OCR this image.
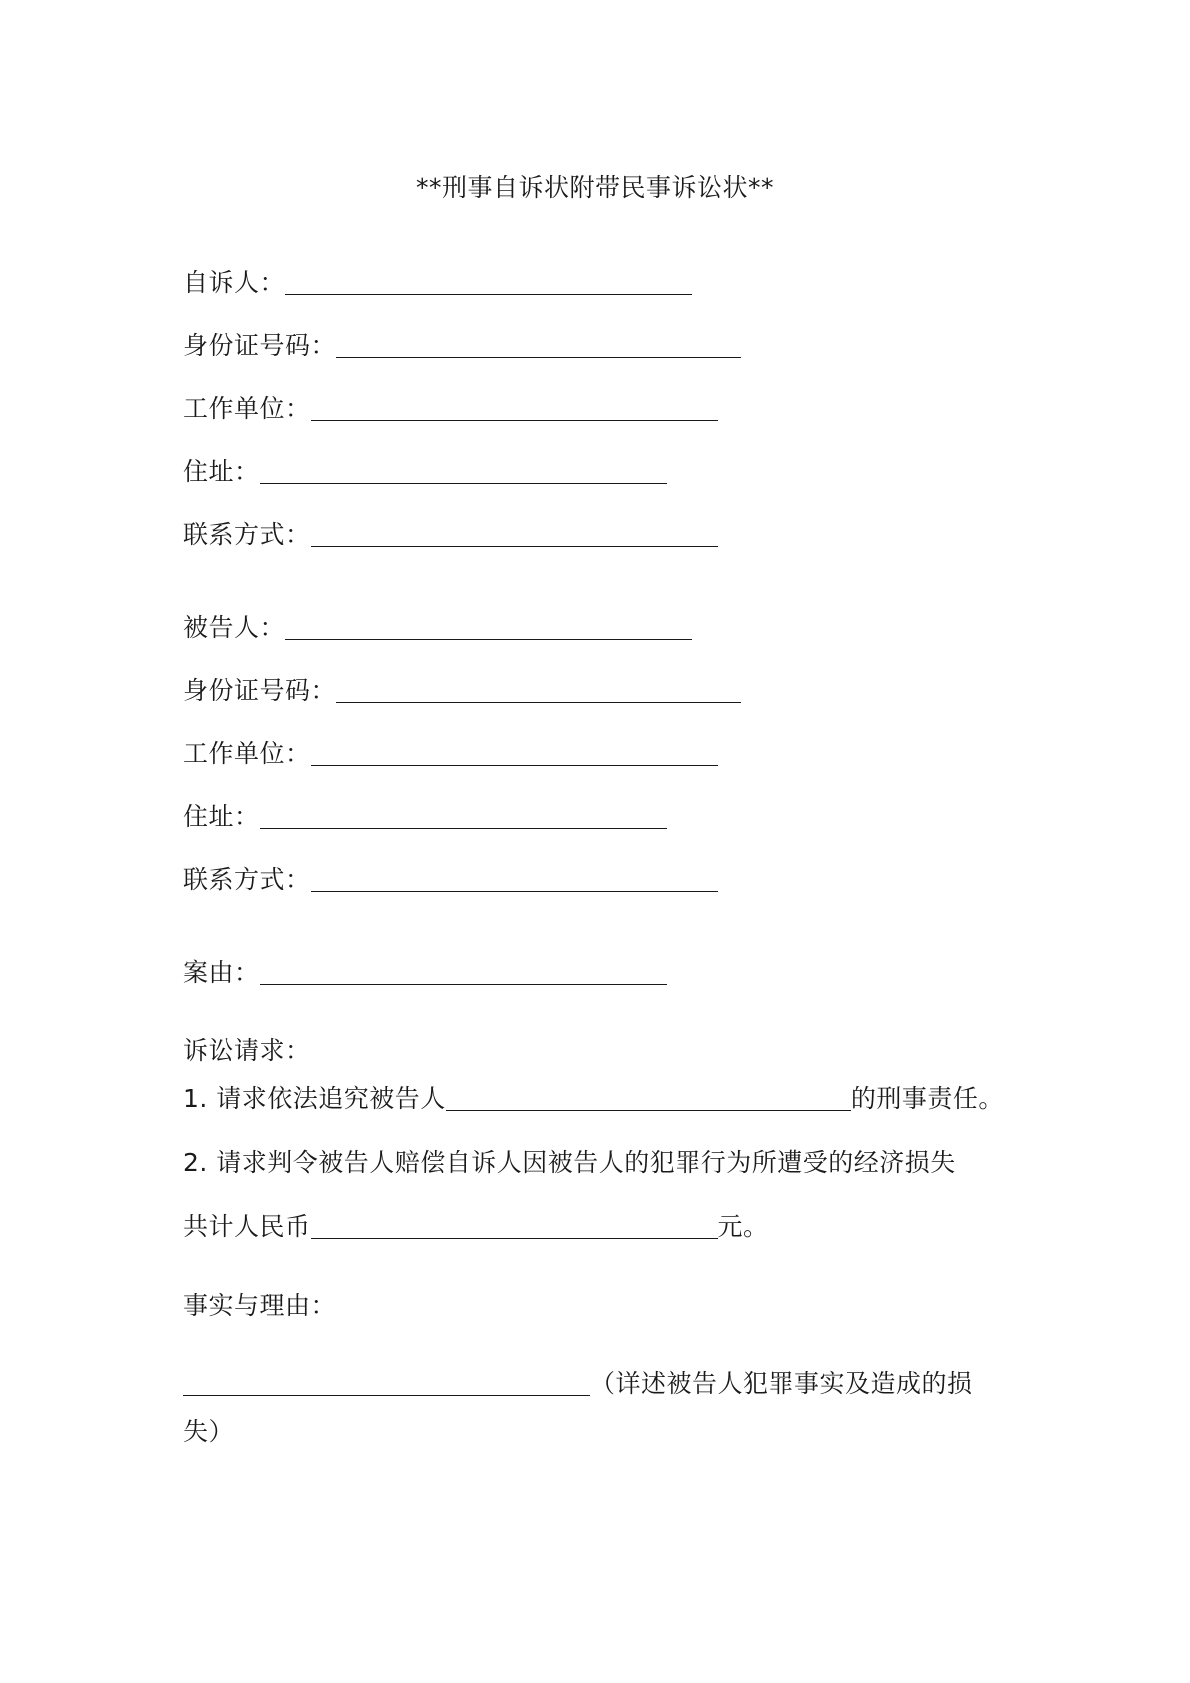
**刑事自诉状附带民事诉讼状**
自诉人：
身份证号码：
工作单位：
住址：
联系方式：
被告人：
身份证号码：
工作单位：
住址：
联系方式：
案由：
诉讼请求：
1. 请求依法追究被告人	的刑事责任。
2. 请求判令被告人赔偿自诉人因被告人的犯罪行为所遭受的经济损失
共计人民币	元。
事实与理由：
（详述被告人犯罪事实及造成的损
失）
